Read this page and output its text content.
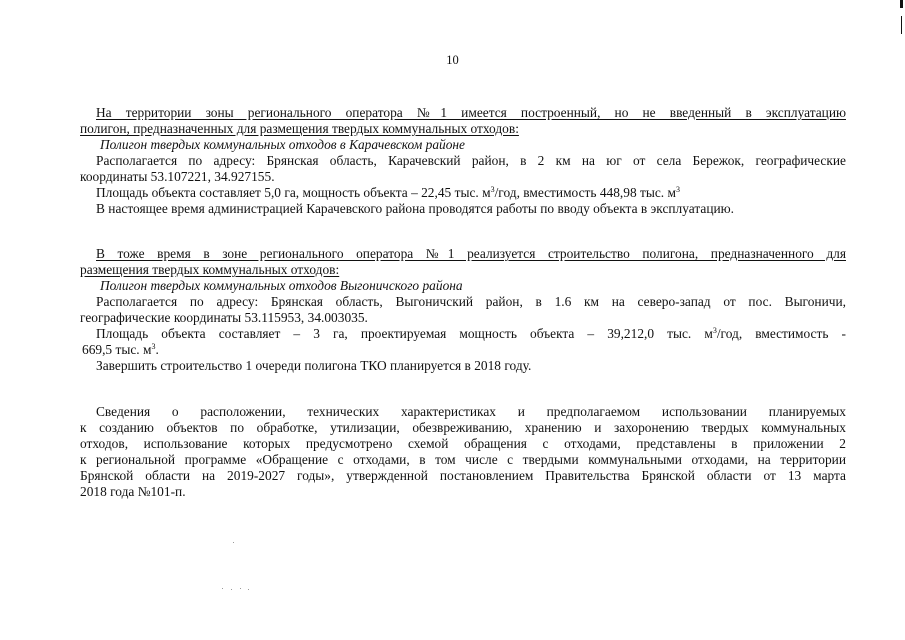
10
На территории зоны регионального оператора №1 имеется построенный, но не введенный в эксплуатацию
полигон, предназначенных для размещения твердых коммунальных отходов:
Полигон твердых коммунальных отходов в Карачевском районе
Располагается по адресу: Брянская область, Карачевский район, в 2 км на юг от села Бережок, географические
координаты 53.107221, 34.927155.
Площадь объекта составляет 5,0 га, мощность объекта – 22,45 тыс. $м^3$/год, вместимость 448,98 тыс. $м^3$
В настоящее время администрацией Карачевского района проводятся работы по вводу объекта в эксплуатацию.
В тоже время в зоне регионального оператора №1 реализуется строительство полигона, предназначенного для
размещения твердых коммунальных отходов:
Полигон твердых коммунальных отходов Выгоничского района
Располагается по адресу: Брянская область, Выгоничский район, в 1.6 км на северо-запад от пос. Выгоничи,
географические координаты 53.115953, 34.003035.
Площадь объекта составляет – 3 га, проектируемая мощность объекта – 39,212,0 тыс. $м^3$/год, вместимость -
669,5 тыс. $м^3$.
Завершить строительство 1 очереди полигона ТКО планируется в 2018 году.
Сведения о расположении, технических характеристиках и предполагаемом использовании планируемых
к созданию объектов по обработке, утилизации, обезвреживанию, хранению и захоронению твердых коммунальных
отходов, использование которых предусмотрено схемой обращения с отходами, представлены в приложении 2
к региональной программе «Обращение с отходами, в том числе с твердыми коммунальными отходами, на территории
Брянской области на 2019-2027 годы», утвержденной постановлением Правительства Брянской области от 13 марта
2018 года №101-п.
